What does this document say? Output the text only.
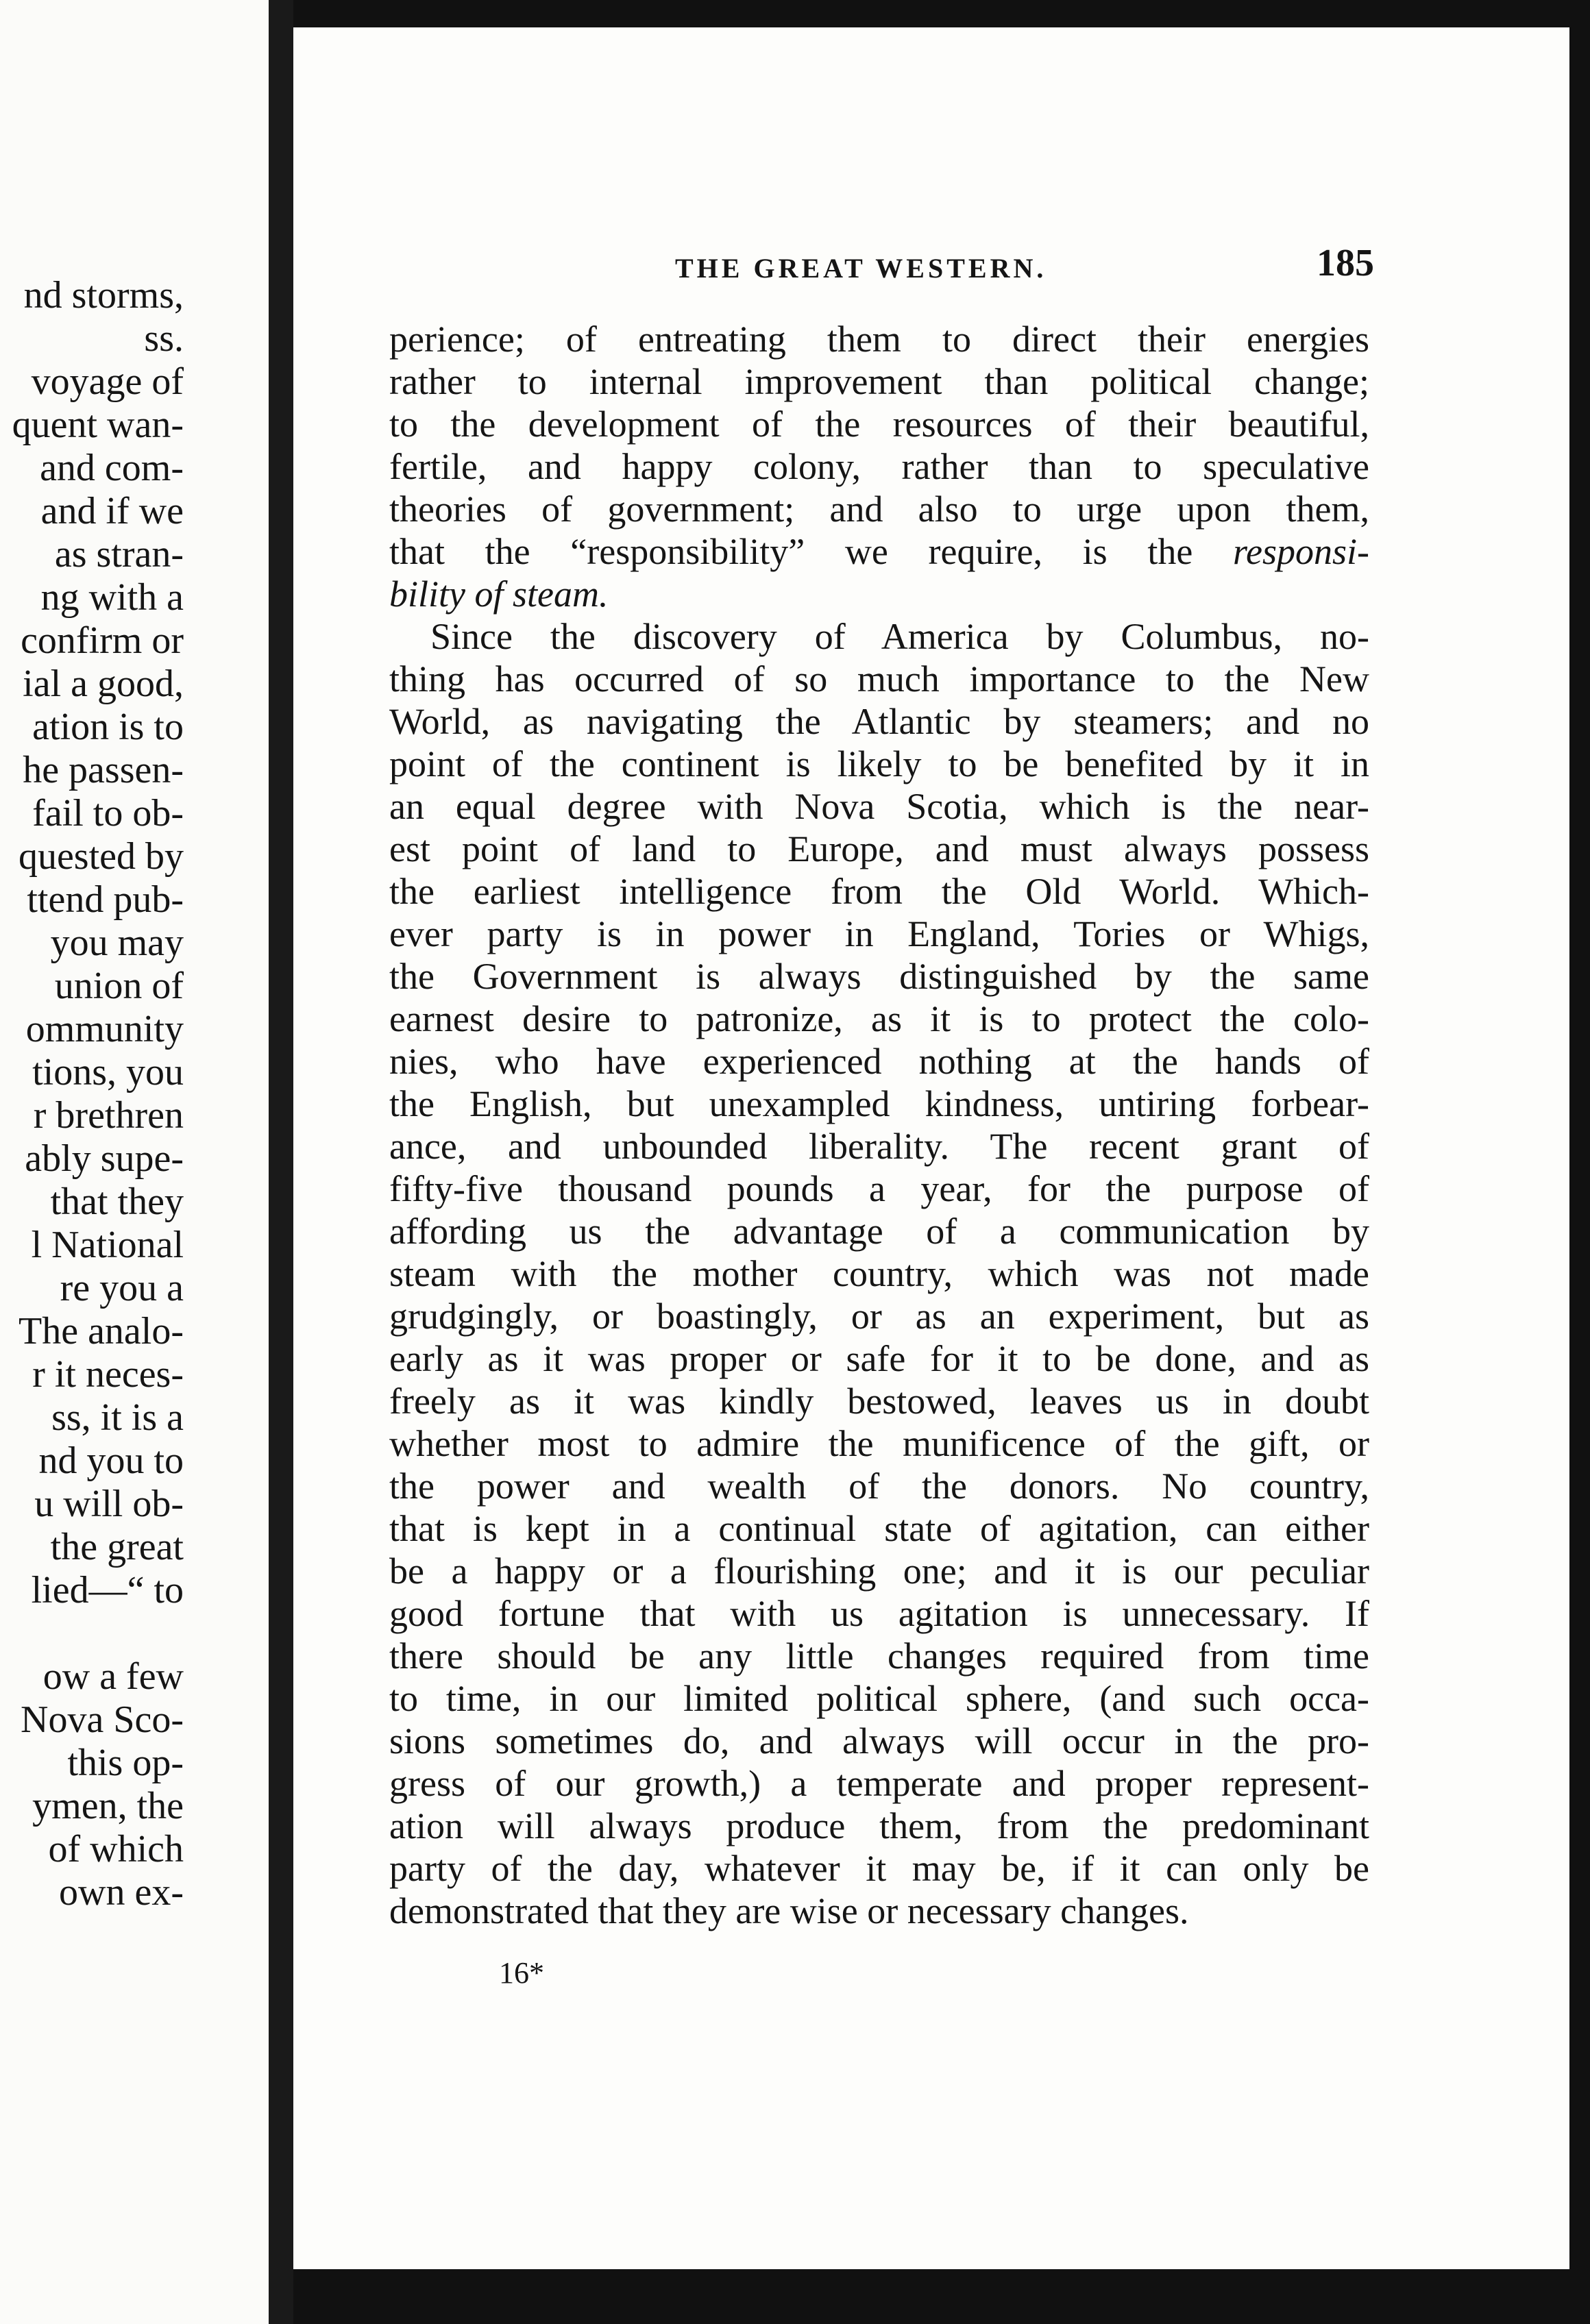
nd storms,
ss.
voyage of
quent wan-
and com-
and if we
as stran-
ng with a
confirm or
ial a good,
ation is to
he passen-
fail to ob-
quested by
ttend pub-
you may
union of
ommunity
tions, you
r brethren
ably supe-
that they
l National
re you a
The analo-
r it neces-
ss, it is a
nd you to
u will ob-
the great
lied—“ to
ow a few
Nova Sco-
this op-
ymen, the
of which
own ex-
THE GREAT WESTERN.	185
perience; of entreating them to direct their energies
rather to internal improvement than political change;
to the development of the resources of their beautiful,
fertile, and happy colony, rather than to speculative
theories of government; and also to urge upon them,
that the “responsibility” we require, is the responsi-
bility of steam.
Since the discovery of America by Columbus, no-
thing has occurred of so much importance to the New
World, as navigating the Atlantic by steamers; and no
point of the continent is likely to be benefited by it in
an equal degree with Nova Scotia, which is the near-
est point of land to Europe, and must always possess
the earliest intelligence from the Old World. Which-
ever party is in power in England, Tories or Whigs,
the Government is always distinguished by the same
earnest desire to patronize, as it is to protect the colo-
nies, who have experienced nothing at the hands of
the English, but unexampled kindness, untiring forbear-
ance, and unbounded liberality. The recent grant of
fifty-five thousand pounds a year, for the purpose of
affording us the advantage of a communication by
steam with the mother country, which was not made
grudgingly, or boastingly, or as an experiment, but as
early as it was proper or safe for it to be done, and as
freely as it was kindly bestowed, leaves us in doubt
whether most to admire the munificence of the gift, or
the power and wealth of the donors. No country,
that is kept in a continual state of agitation, can either
be a happy or a flourishing one; and it is our peculiar
good fortune that with us agitation is unnecessary. If
there should be any little changes required from time
to time, in our limited political sphere, (and such occa-
sions sometimes do, and always will occur in the pro-
gress of our growth,) a temperate and proper represent-
ation will always produce them, from the predominant
party of the day, whatever it may be, if it can only be
demonstrated that they are wise or necessary changes.
16*
